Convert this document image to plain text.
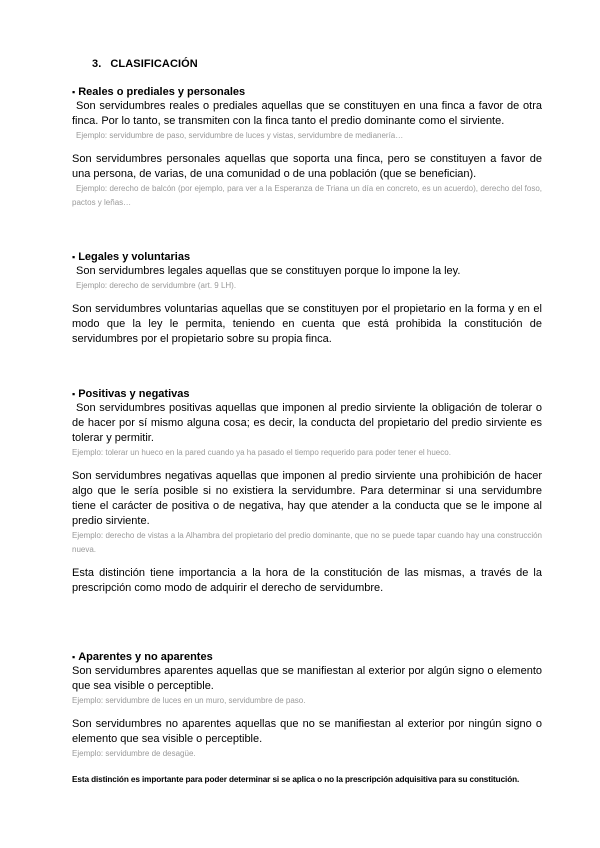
3. CLASIFICACIÓN
▪ Reales o prediales y personales

Son servidumbres reales o prediales aquellas que se constituyen en una finca a favor de otra finca. Por lo tanto, se transmiten con la finca tanto el predio dominante como el sirviente.

Ejemplo: servidumbre de paso, servidumbre de luces y vistas, servidumbre de medianería…

Son servidumbres personales aquellas que soporta una finca, pero se constituyen a favor de una persona, de varias, de una comunidad o de una población (que se benefician).

Ejemplo: derecho de balcón (por ejemplo, para ver a la Esperanza de Triana un día en concreto, es un acuerdo), derecho del foso, pactos y leñas…

▪ Legales y voluntarias

Son servidumbres legales aquellas que se constituyen porque lo impone la ley.

Ejemplo: derecho de servidumbre (art. 9 LH).

Son servidumbres voluntarias aquellas que se constituyen por el propietario en la forma y en el modo que la ley le permita, teniendo en cuenta que está prohibida la constitución de servidumbres por el propietario sobre su propia finca.

▪ Positivas y negativas

Son servidumbres positivas aquellas que imponen al predio sirviente la obligación de tolerar o de hacer por sí mismo alguna cosa; es decir, la conducta del propietario del predio sirviente es tolerar y permitir.

Ejemplo: tolerar un hueco en la pared cuando ya ha pasado el tiempo requerido para poder tener el hueco.

Son servidumbres negativas aquellas que imponen al predio sirviente una prohibición de hacer algo que le sería posible si no existiera la servidumbre. Para determinar si una servidumbre tiene el carácter de positiva o de negativa, hay que atender a la conducta que se le impone al predio sirviente.

Ejemplo: derecho de vistas a la Alhambra del propietario del predio dominante, que no se puede tapar cuando hay una construcción nueva.

Esta distinción tiene importancia a la hora de la constitución de las mismas, a través de la prescripción como modo de adquirir el derecho de servidumbre.

▪ Aparentes y no aparentes

Son servidumbres aparentes aquellas que se manifiestan al exterior por algún signo o elemento que sea visible o perceptible.

Ejemplo: servidumbre de luces en un muro, servidumbre de paso.

Son servidumbres no aparentes aquellas que no se manifiestan al exterior por ningún signo o elemento que sea visible o perceptible.

Ejemplo: servidumbre de desagüe.

Esta distinción es importante para poder determinar si se aplica o no la prescripción adquisitiva para su constitución.
